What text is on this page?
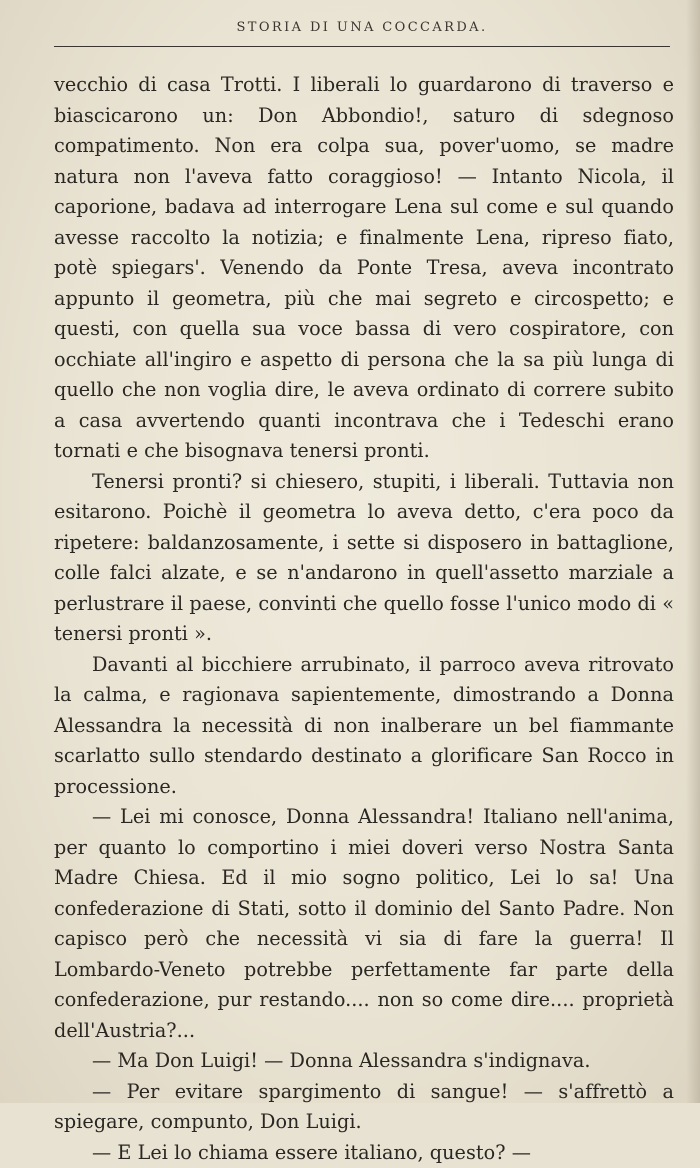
STORIA DI UNA COCCARDA.

vecchio di casa Trotti. I liberali lo guardarono di traverso e biascicarono un: Don Abbondio!, saturo di sdegnoso compatimento. Non era colpa sua, pover'uomo, se madre natura non l'aveva fatto coraggioso! — Intanto Nicola, il caporione, badava ad interrogare Lena sul come e sul quando avesse raccolto la notizia; e finalmente Lena, ripreso fiato, potè spiegars'. Venendo da Ponte Tresa, aveva incontrato appunto il geometra, più che mai segreto e circospetto; e questi, con quella sua voce bassa di vero cospiratore, con occhiate all'ingiro e aspetto di persona che la sa più lunga di quello che non voglia dire, le aveva ordinato di correre subito a casa avvertendo quanti incontrava che i Tedeschi erano tornati e che bisognava tenersi pronti.

Tenersi pronti? si chiesero, stupiti, i liberali. Tuttavia non esitarono. Poichè il geometra lo aveva detto, c'era poco da ripetere: baldanzosamente, i sette si disposero in battaglione, colle falci alzate, e se n'andarono in quell'assetto marziale a perlustrare il paese, convinti che quello fosse l'unico modo di « tenersi pronti ».

Davanti al bicchiere arrubinato, il parroco aveva ritrovato la calma, e ragionava sapientemente, dimostrando a Donna Alessandra la necessità di non inalberare un bel fiammante scarlatto sullo stendardo destinato a glorificare San Rocco in processione.

— Lei mi conosce, Donna Alessandra! Italiano nell'anima, per quanto lo comportino i miei doveri verso Nostra Santa Madre Chiesa. Ed il mio sogno politico, Lei lo sa! Una confederazione di Stati, sotto il dominio del Santo Padre. Non capisco però che necessità vi sia di fare la guerra! Il Lombardo-Veneto potrebbe perfettamente far parte della confederazione, pur restando.... non so come dire.... proprietà dell'Austria?...

— Ma Don Luigi! — Donna Alessandra s'indignava.

— Per evitare spargimento di sangue! — s'affrettò a spiegare, compunto, Don Luigi.

— E Lei lo chiama essere italiano, questo? —
